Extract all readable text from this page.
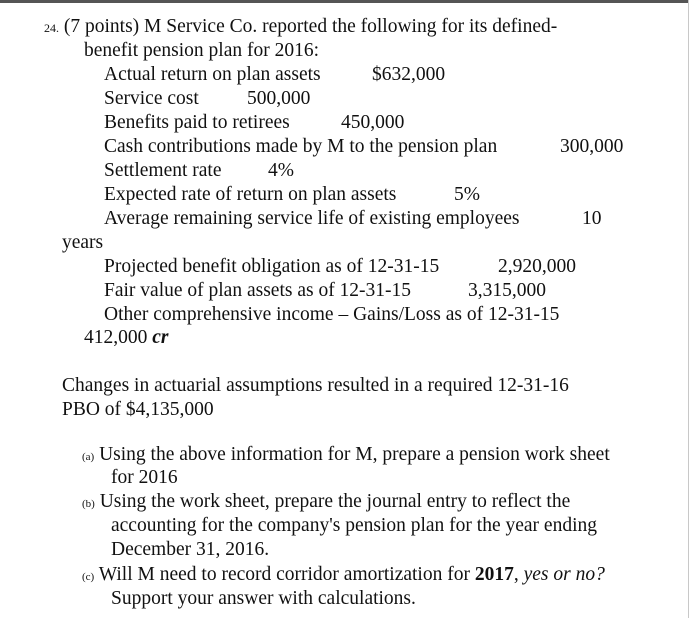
24. (7 points) M Service Co. reported the following for its defined-
benefit pension plan for 2016:
Actual return on plan assets	$632,000
Service cost 500,000
Benefits paid to retirees	450,000
Cash contributions made by M to the pension plan	300,000
Settlement rate 4%
Expected rate of return on plan assets	5%
Average remaining service life of existing employees	10
years
Projected benefit obligation as of 12-31-15	2,920,000
Fair value of plan assets as of 12-31-15	3,315,000
Other comprehensive income – Gains/Loss as of 12-31-15
412,000 cr
Changes in actuarial assumptions resulted in a required 12-31-16
PBO of $4,135,000
(a) Using the above information for M, prepare a pension work sheet
for 2016
(b) Using the work sheet, prepare the journal entry to reflect the
accounting for the company's pension plan for the year ending
December 31, 2016.
(c) Will M need to record corridor amortization for 2017, yes or no?
Support your answer with calculations.
